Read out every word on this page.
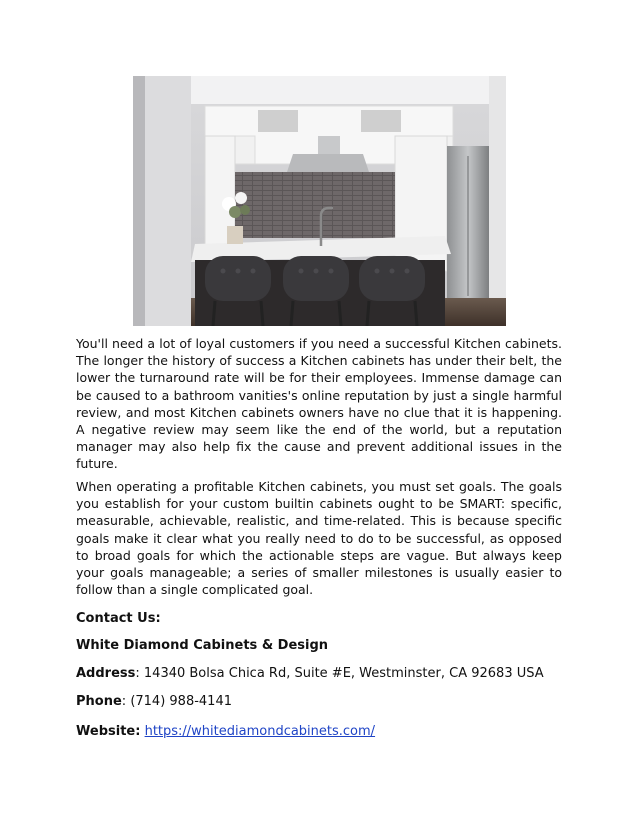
You'll need a lot of loyal customers if you need a successful Kitchen cabinets. The longer the history of success a Kitchen cabinets has under their belt, the lower the turnaround rate will be for their employees. Immense damage can be caused to a bathroom vanities's online reputation by just a single harmful review, and most Kitchen cabinets owners have no clue that it is happening. A negative review may seem like the end of the world, but a reputation manager may also help fix the cause and prevent additional issues in the future.

When operating a profitable Kitchen cabinets, you must set goals. The goals you establish for your custom builtin cabinets ought to be SMART: specific, measurable, achievable, realistic, and time-related. This is because specific goals make it clear what you really need to do to be successful, as opposed to broad goals for which the actionable steps are vague. But always keep your goals manageable; a series of smaller milestones is usually easier to follow than a single complicated goal.

Contact Us:

White Diamond Cabinets & Design

Address: 14340 Bolsa Chica Rd, Suite #E, Westminster, CA 92683 USA

Phone: (714) 988-4141

Website: https://whitediamondcabinets.com/
